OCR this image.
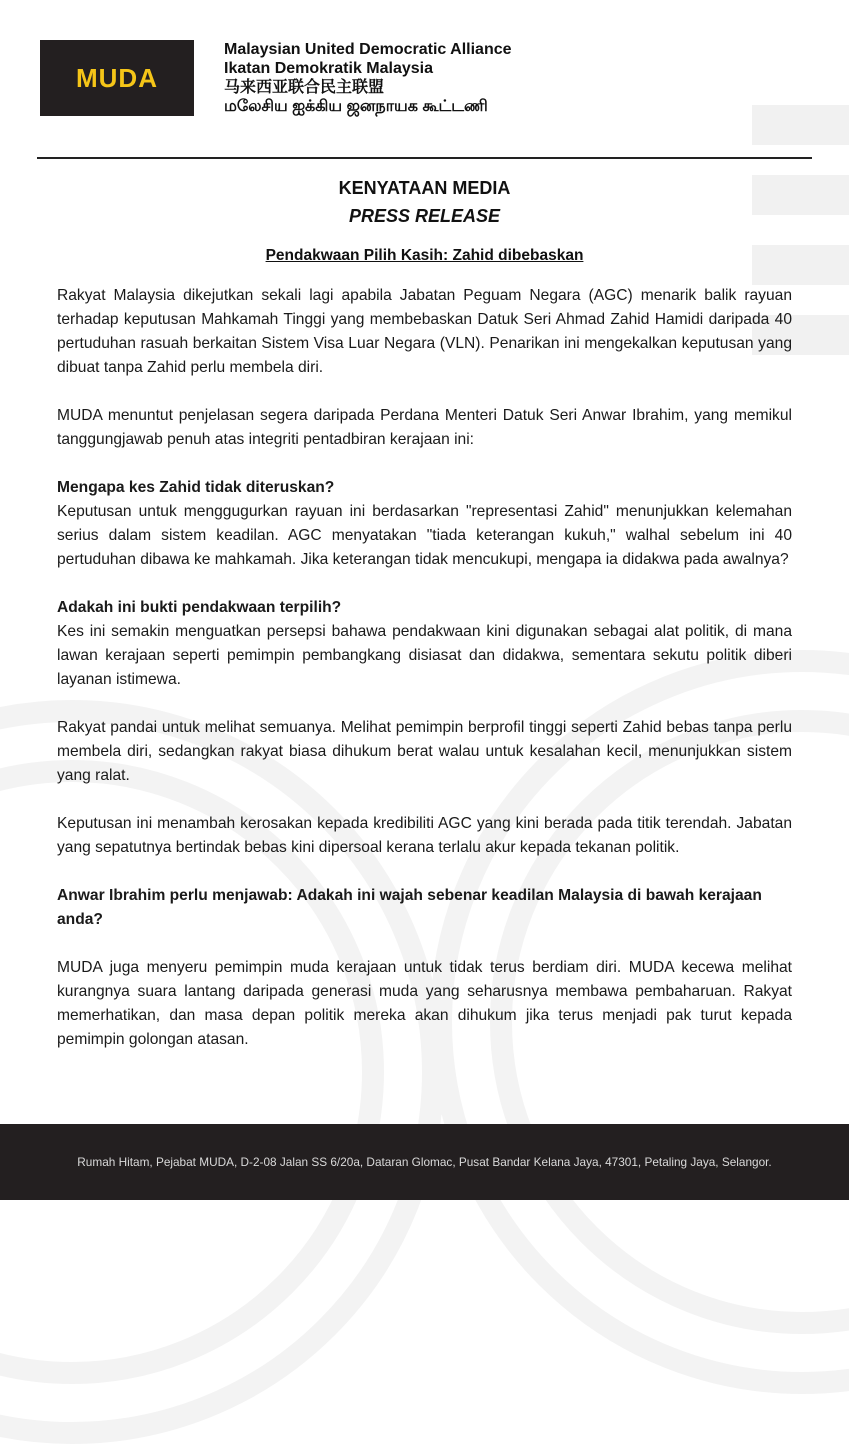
MUDA
Malaysian United Democratic Alliance
Ikatan Demokratik Malaysia
马来西亚联合民主联盟
மலேசிய ஐக்கிய ஜனநாயக கூட்டணி
KENYATAAN MEDIA
PRESS RELEASE
Pendakwaan Pilih Kasih: Zahid dibebaskan

Rakyat Malaysia dikejutkan sekali lagi apabila Jabatan Peguam Negara (AGC) menarik balik rayuan terhadap keputusan Mahkamah Tinggi yang membebaskan Datuk Seri Ahmad Zahid Hamidi daripada 40 pertuduhan rasuah berkaitan Sistem Visa Luar Negara (VLN). Penarikan ini mengekalkan keputusan yang dibuat tanpa Zahid perlu membela diri.

MUDA menuntut penjelasan segera daripada Perdana Menteri Datuk Seri Anwar Ibrahim, yang memikul tanggungjawab penuh atas integriti pentadbiran kerajaan ini:

Mengapa kes Zahid tidak diteruskan?

Keputusan untuk menggugurkan rayuan ini berdasarkan "representasi Zahid" menunjukkan kelemahan serius dalam sistem keadilan. AGC menyatakan "tiada keterangan kukuh," walhal sebelum ini 40 pertuduhan dibawa ke mahkamah. Jika keterangan tidak mencukupi, mengapa ia didakwa pada awalnya?

Adakah ini bukti pendakwaan terpilih?

Kes ini semakin menguatkan persepsi bahawa pendakwaan kini digunakan sebagai alat politik, di mana lawan kerajaan seperti pemimpin pembangkang disiasat dan didakwa, sementara sekutu politik diberi layanan istimewa.

Rakyat pandai untuk melihat semuanya. Melihat pemimpin berprofil tinggi seperti Zahid bebas tanpa perlu membela diri, sedangkan rakyat biasa dihukum berat walau untuk kesalahan kecil, menunjukkan sistem yang ralat.

Keputusan ini menambah kerosakan kepada kredibiliti AGC yang kini berada pada titik terendah. Jabatan yang sepatutnya bertindak bebas kini dipersoal kerana terlalu akur kepada tekanan politik.

Anwar Ibrahim perlu menjawab: Adakah ini wajah sebenar keadilan Malaysia di bawah kerajaan anda?

MUDA juga menyeru pemimpin muda kerajaan untuk tidak terus berdiam diri. MUDA kecewa melihat kurangnya suara lantang daripada generasi muda yang seharusnya membawa pembaharuan. Rakyat memerhatikan, dan masa depan politik mereka akan dihukum jika terus menjadi pak turut kepada pemimpin golongan atasan.

Rumah Hitam, Pejabat MUDA, D-2-08 Jalan SS 6/20a, Dataran Glomac, Pusat Bandar Kelana Jaya, 47301, Petaling Jaya, Selangor.
